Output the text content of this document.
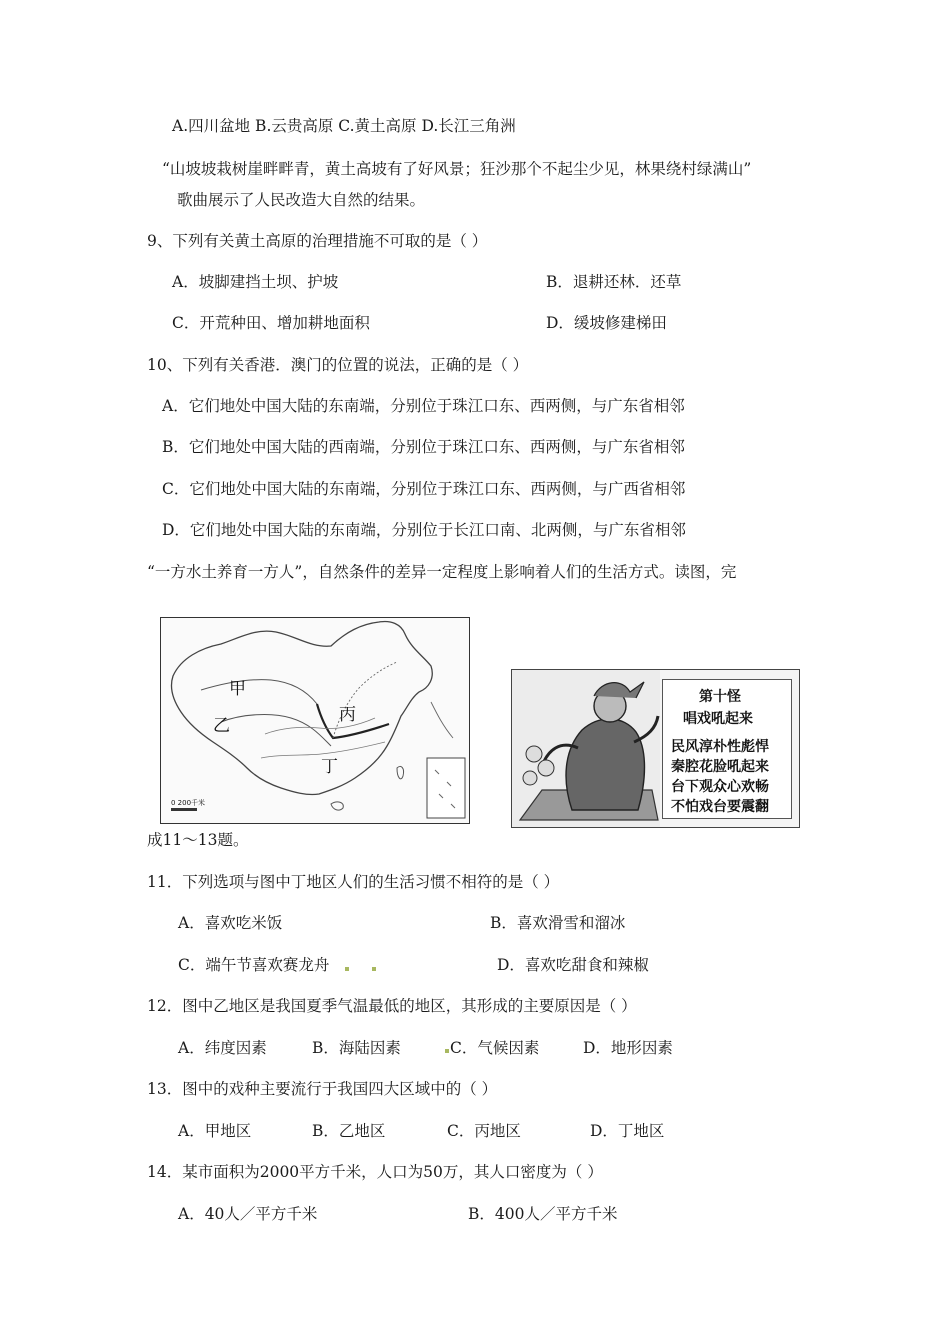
A.四川盆地 B.云贵高原 C.黄土高原 D.长江三角洲
“山坡坡栽树崖畔畔青，黄土高坡有了好风景；狂沙那个不起尘少见，林果绕村绿满山”
歌曲展示了人民改造大自然的结果。
9、下列有关黄土高原的治理措施不可取的是（ ）
A．坡脚建挡土坝、护坡	B．退耕还林．还草
C．开荒种田、增加耕地面积	D．缓坡修建梯田
10、下列有关香港．澳门的位置的说法，正确的是（ ）
A．它们地处中国大陆的东南端，分别位于珠江口东、西两侧，与广东省相邻
B．它们地处中国大陆的西南端，分别位于珠江口东、西两侧，与广东省相邻
C．它们地处中国大陆的东南端，分别位于珠江口东、西两侧，与广西省相邻
D．它们地处中国大陆的东南端，分别位于长江口南、北两侧，与广东省相邻
“一方水土养育一方人”，自然条件的差异一定程度上影响着人们的生活方式。读图，完
甲
乙
丙
丁
0 200千米
第十怪
唱戏吼起来
民风淳朴性彪悍
秦腔花脸吼起来
台下观众心欢畅
不怕戏台要震翻
成11～13题。
11．下列选项与图中丁地区人们的生活习惯不相符的是（ ）
A．喜欢吃米饭	B．喜欢滑雪和溜冰
C．端午节喜欢赛龙舟	D．喜欢吃甜食和辣椒
12．图中乙地区是我国夏季气温最低的地区，其形成的主要原因是（ ）
A．纬度因素	B．海陆因素	C．气候因素	D．地形因素
13．图中的戏种主要流行于我国四大区域中的（ ）
A．甲地区	B．乙地区	C．丙地区	D．丁地区
14．某市面积为2000平方千米，人口为50万，其人口密度为（ ）
A．40人／平方千米	B．400人／平方千米
